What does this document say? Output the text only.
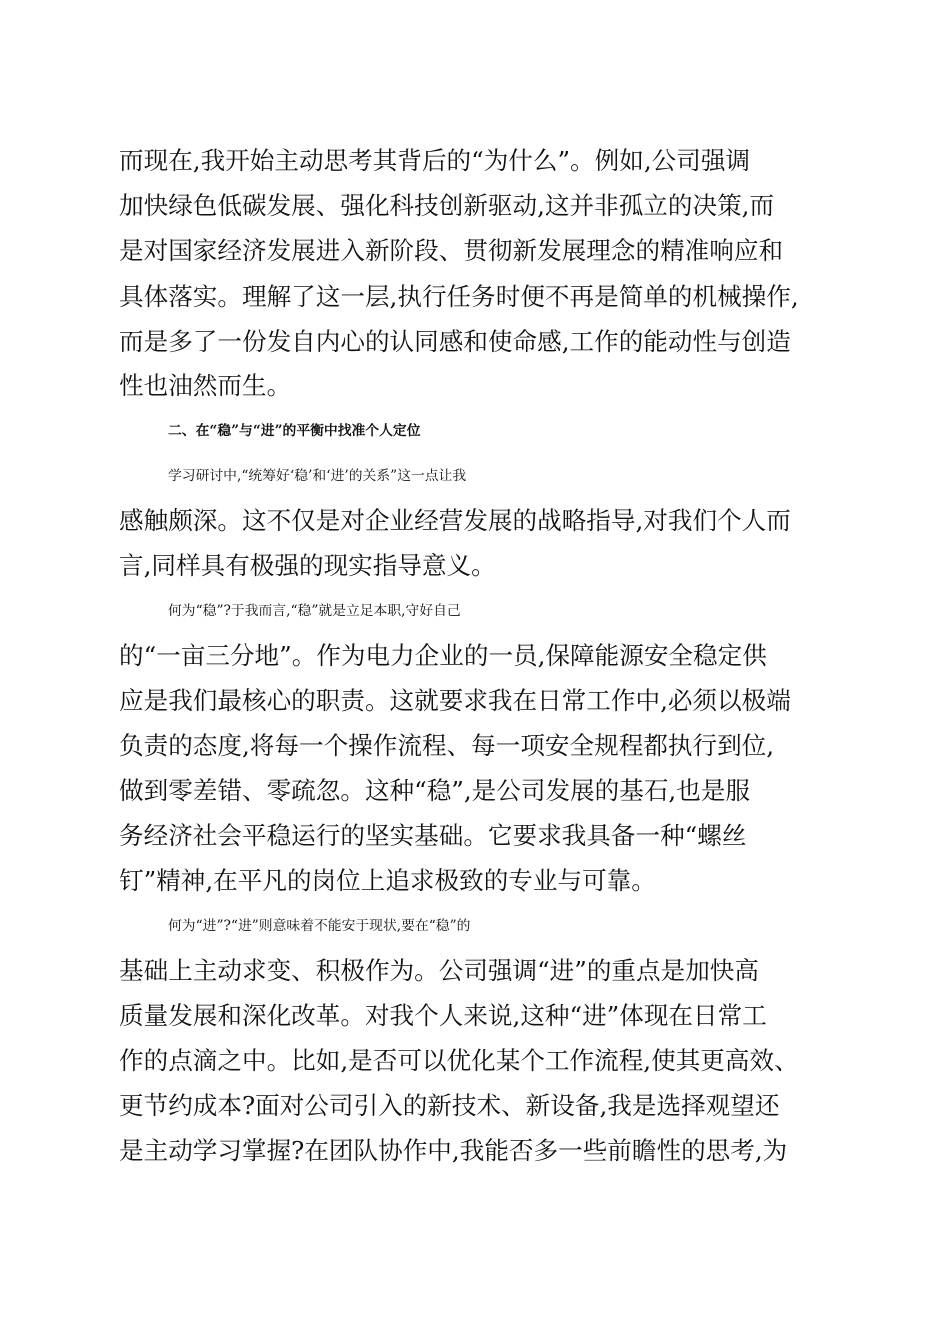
而现在,我开始主动思考其背后的“为什么”。例如,公司强调
加快绿色低碳发展、强化科技创新驱动,这并非孤立的决策,而
是对国家经济发展进入新阶段、贯彻新发展理念的精准响应和
具体落实。理解了这一层,执行任务时便不再是简单的机械操作,
而是多了一份发自内心的认同感和使命感,工作的能动性与创造
性也油然而生。
二、在“稳”与“进”的平衡中找准个人定位
学习研讨中,“统筹好‘稳’和‘进’的关系”这一点让我
感触颇深。这不仅是对企业经营发展的战略指导,对我们个人而
言,同样具有极强的现实指导意义。
何为“稳”?于我而言,“稳”就是立足本职,守好自己
的“一亩三分地”。作为电力企业的一员,保障能源安全稳定供
应是我们最核心的职责。这就要求我在日常工作中,必须以极端
负责的态度,将每一个操作流程、每一项安全规程都执行到位,
做到零差错、零疏忽。这种“稳”,是公司发展的基石,也是服
务经济社会平稳运行的坚实基础。它要求我具备一种“螺丝
钉”精神,在平凡的岗位上追求极致的专业与可靠。
何为“进”?“进”则意味着不能安于现状,要在“稳”的
基础上主动求变、积极作为。公司强调“进”的重点是加快高
质量发展和深化改革。对我个人来说,这种“进”体现在日常工
作的点滴之中。比如,是否可以优化某个工作流程,使其更高效、
更节约成本?面对公司引入的新技术、新设备,我是选择观望还
是主动学习掌握?在团队协作中,我能否多一些前瞻性的思考,为
